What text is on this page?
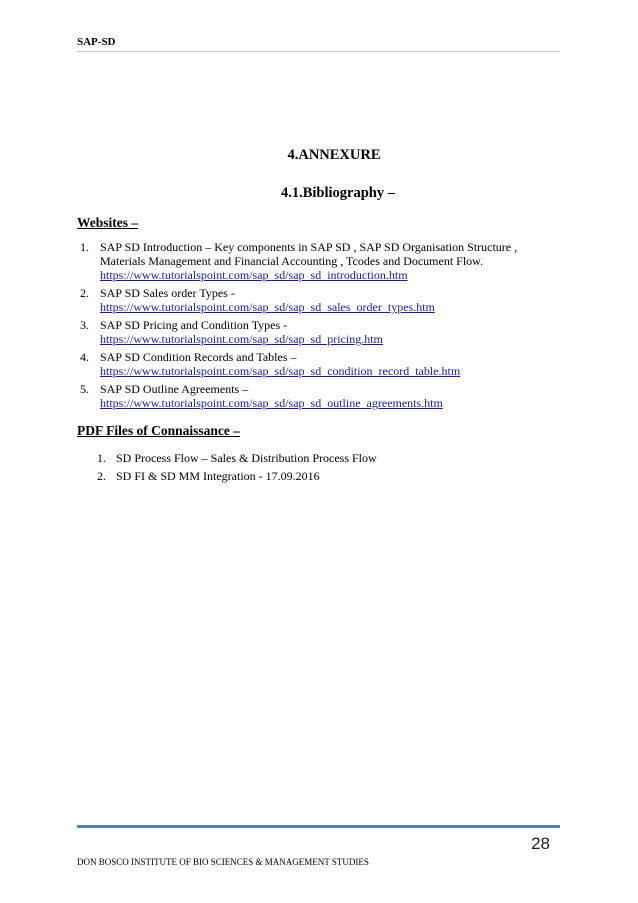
SAP-SD
4.ANNEXURE
4.1.Bibliography –
Websites –
1. SAP SD Introduction – Key components in SAP SD , SAP SD Organisation Structure , Materials Management and Financial Accounting , Tcodes and Document Flow.
https://www.tutorialspoint.com/sap_sd/sap_sd_introduction.htm
2. SAP SD Sales order Types -
https://www.tutorialspoint.com/sap_sd/sap_sd_sales_order_types.htm
3. SAP SD Pricing and Condition Types -
https://www.tutorialspoint.com/sap_sd/sap_sd_pricing.htm
4. SAP SD Condition Records and Tables –
https://www.tutorialspoint.com/sap_sd/sap_sd_condition_record_table.htm
5. SAP SD Outline Agreements –
https://www.tutorialspoint.com/sap_sd/sap_sd_outline_agreements.htm
PDF Files of Connaissance –
1. SD Process Flow – Sales & Distribution Process Flow
2. SD FI & SD MM Integration - 17.09.2016
28
DON BOSCO INSTITUTE OF BIO SCIENCES & MANAGEMENT STUDIES
